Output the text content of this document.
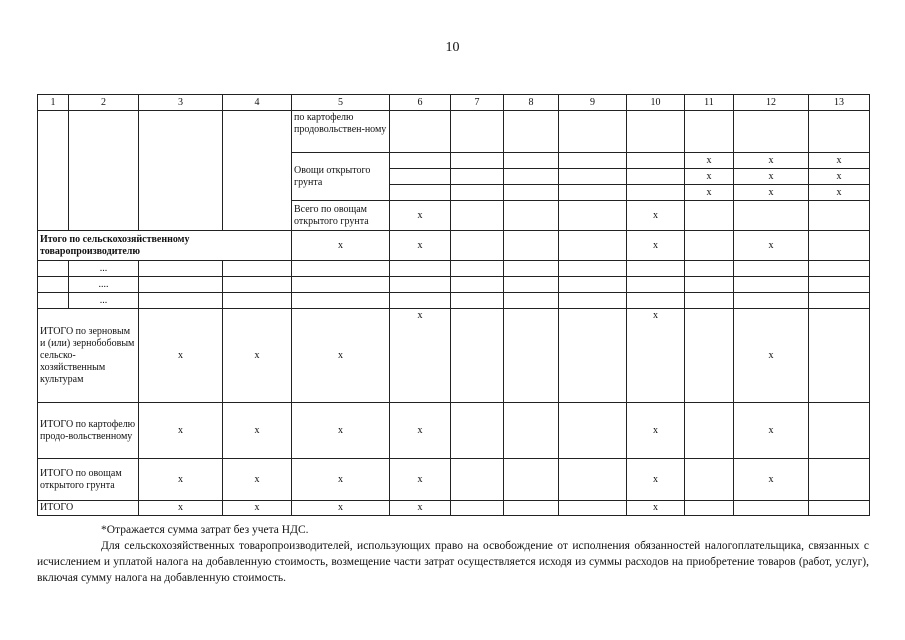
10
1	2	3	4	5	6	7	8	9	10	11	12	13
				по картофелю продовольствен-ному								
				Овощи открытого грунта						x	x	x
										x	x	x
										x	x	x
				Всего по овощам открытого грунта	x				x			
Итого по сельскохозяйственному товаропроизводителю				x	x				x		x	
	...											
	....											
	...											
ИТОГО по зерновым и (или) зернобобовым сельско-хозяйственным культурам		x	x	x	x				x		x	
ИТОГО по картофелю продо-вольственному		x	x	x	x				x		x	
ИТОГО по овощам открытого грунта		x	x	x	x				x		x	
ИТОГО		x	x	x	x				x			
*Отражается сумма затрат без учета НДС.
Для сельскохозяйственных товаропроизводителей, использующих право на освобождение от исполнения обязанностей налогоплательщика, связанных с исчислением и уплатой налога на добавленную стоимость, возмещение части затрат осуществляется исходя из суммы расходов на приобретение товаров (работ, услуг), включая сумму налога на добавленную стоимость.
